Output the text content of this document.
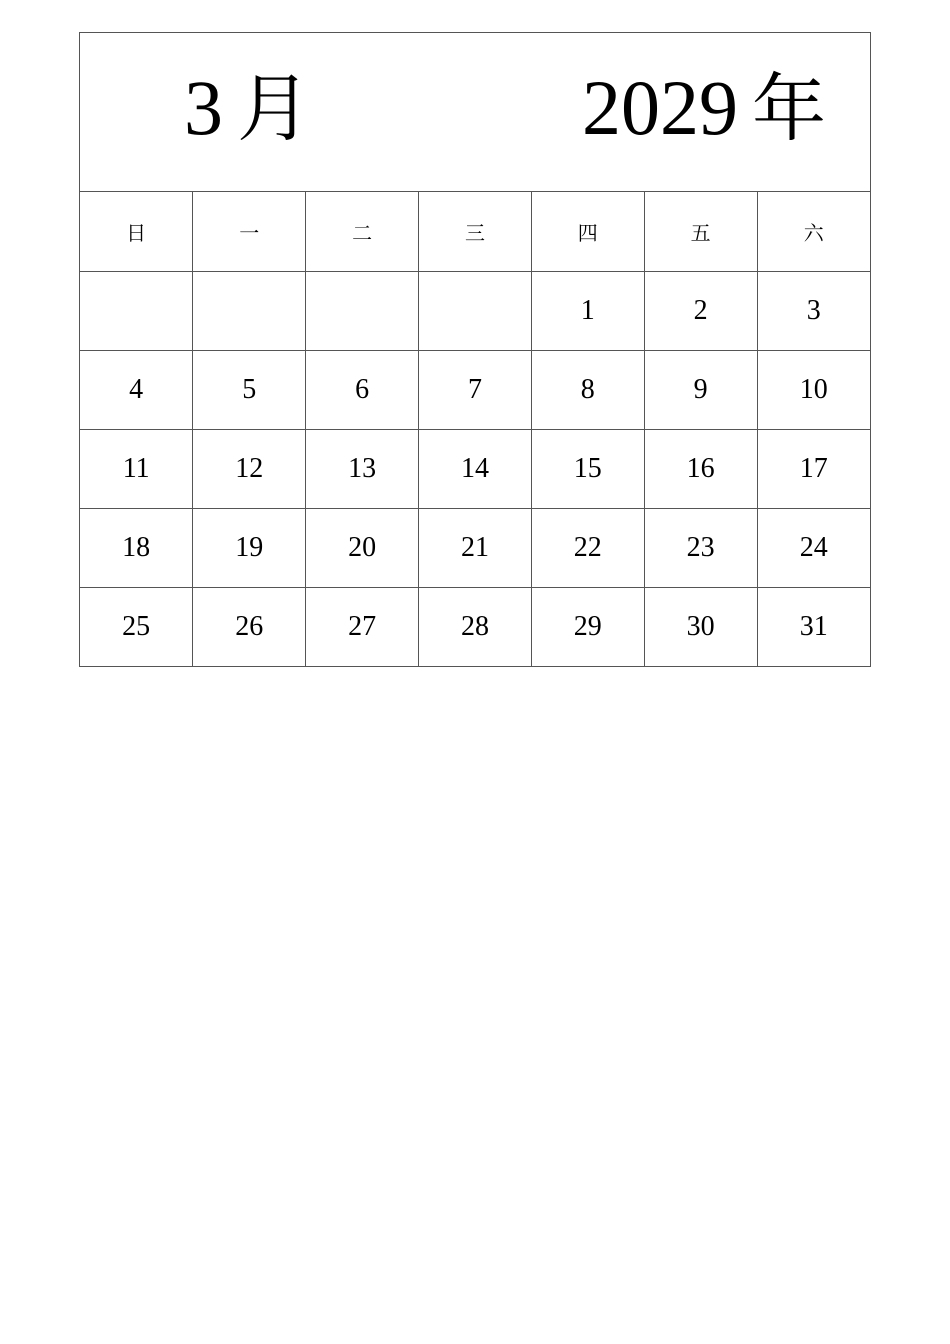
3 月	2029 年
日	一	二	三	四	五	六
				1	2	3
4	5	6	7	8	9	10
11	12	13	14	15	16	17
18	19	20	21	22	23	24
25	26	27	28	29	30	31
